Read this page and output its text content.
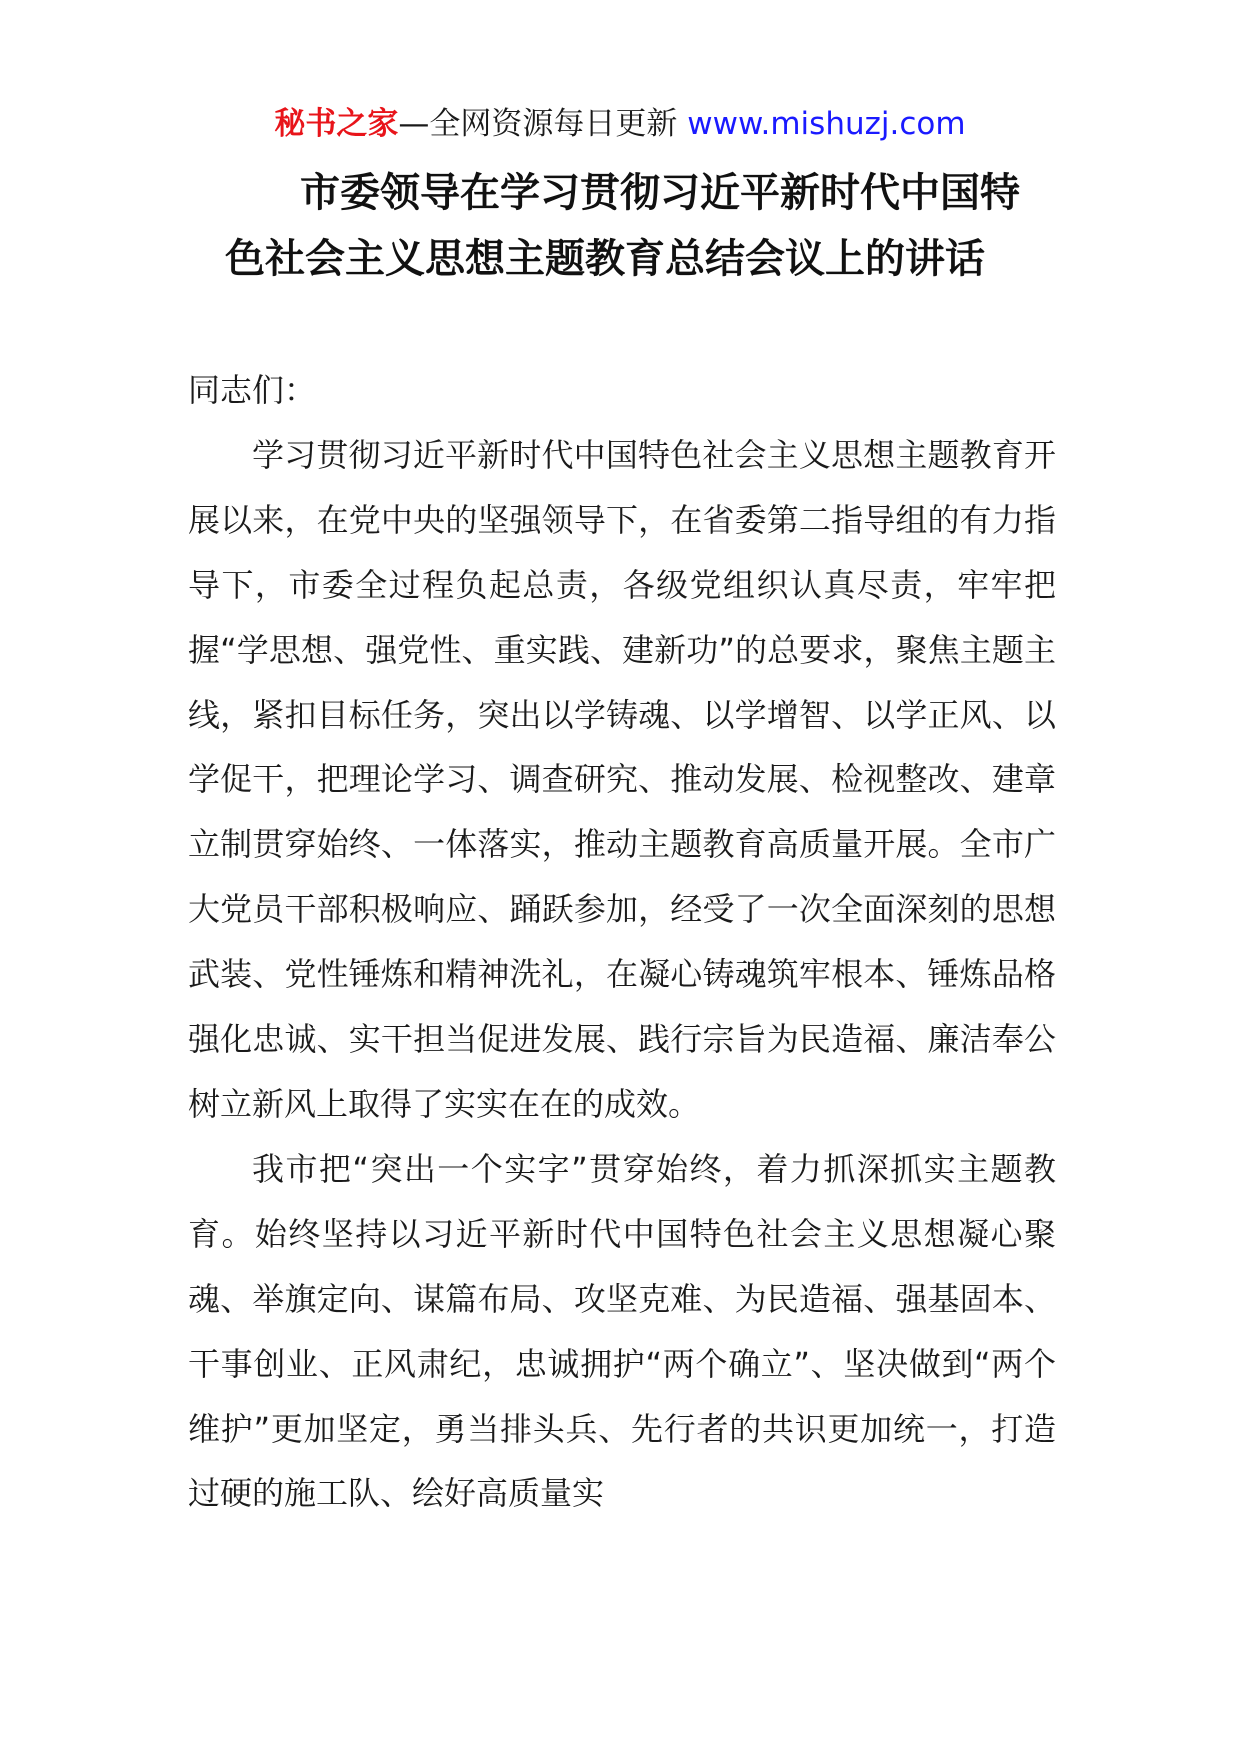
秘书之家—全网资源每日更新 www.mishuzj.com
市委领导在学习贯彻习近平新时代中国特
色社会主义思想主题教育总结会议上的讲话

同志们：

学习贯彻习近平新时代中国特色社会主义思想主题教育开展以来，在党中央的坚强领导下，在省委第二指导组的有力指导下，市委全过程负起总责，各级党组织认真尽责，牢牢把握“学思想、强党性、重实践、建新功”的总要求，聚焦主题主线，紧扣目标任务，突出以学铸魂、以学增智、以学正风、以学促干，把理论学习、调查研究、推动发展、检视整改、建章立制贯穿始终、一体落实，推动主题教育高质量开展。全市广大党员干部积极响应、踊跃参加，经受了一次全面深刻的思想武装、党性锤炼和精神洗礼，在凝心铸魂筑牢根本、锤炼品格强化忠诚、实干担当促进发展、践行宗旨为民造福、廉洁奉公树立新风上取得了实实在在的成效。

我市把“突出一个实字”贯穿始终，着力抓深抓实主题教育。始终坚持以习近平新时代中国特色社会主义思想凝心聚魂、举旗定向、谋篇布局、攻坚克难、为民造福、强基固本、干事创业、正风肃纪，忠诚拥护“两个确立”、坚决做到“两个维护”更加坚定，勇当排头兵、先行者的共识更加统一，打造过硬的施工队、绘好高质量实
